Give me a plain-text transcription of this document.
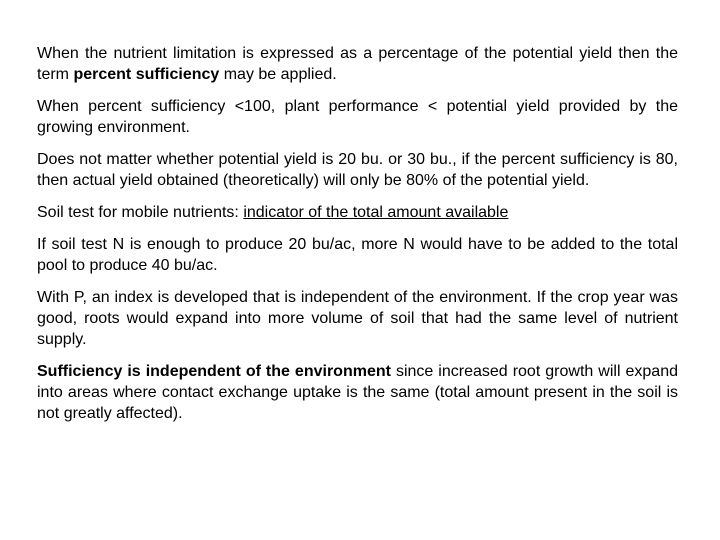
When the nutrient limitation is expressed as a percentage of the potential yield then the term percent sufficiency may be applied.

When percent sufficiency <100, plant performance < potential yield provided by the growing environment.

Does not matter whether potential yield is 20 bu. or 30 bu., if the percent sufficiency is 80, then actual yield obtained (theoretically) will only be 80% of the potential yield.

Soil test for mobile nutrients: indicator of the total amount available

If soil test N is enough to produce 20 bu/ac, more N would have to be added to the total pool to produce 40 bu/ac.

With P, an index is developed that is independent of the environment. If the crop year was good, roots would expand into more volume of soil that had the same level of nutrient supply.

Sufficiency is independent of the environment since increased root growth will expand into areas where contact exchange uptake is the same (total amount present in the soil is not greatly affected).
